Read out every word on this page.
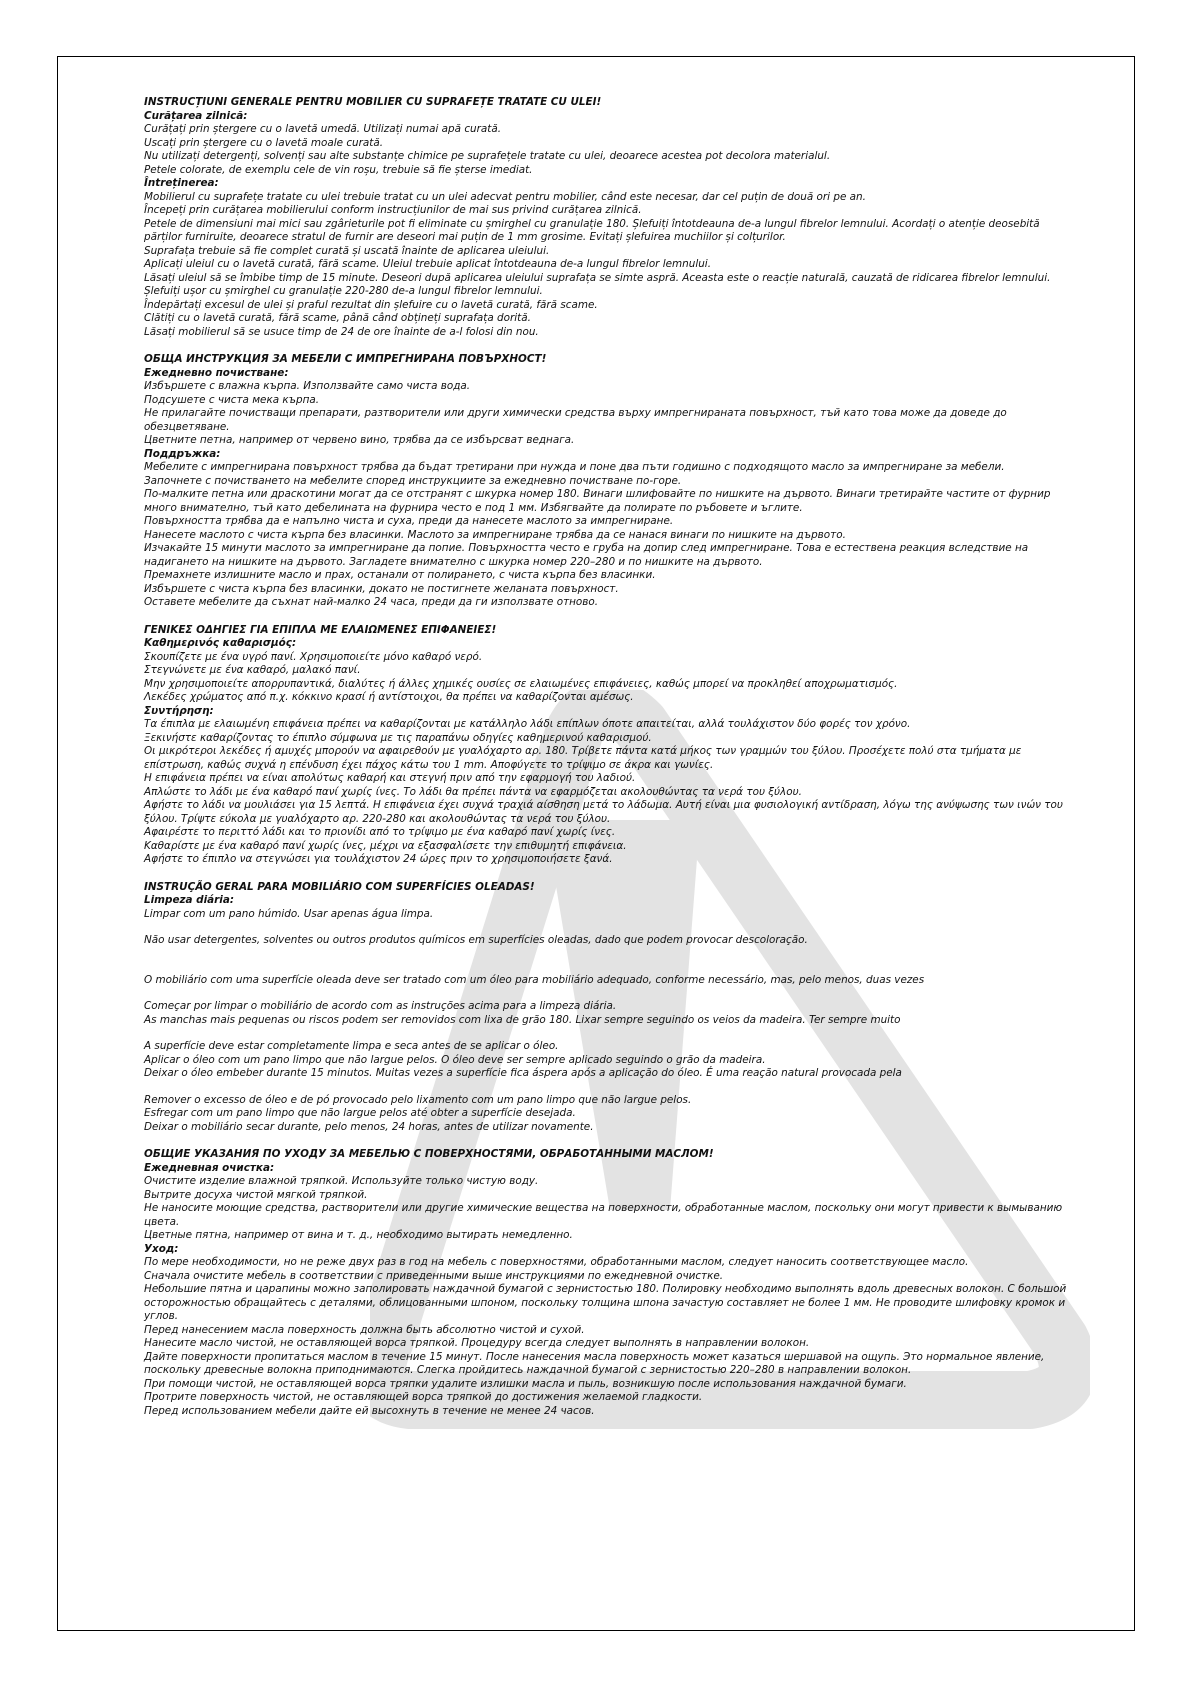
INSTRUCȚIUNI GENERALE PENTRU MOBILIER CU SUPRAFEȚE TRATATE CU ULEI!

Curățarea zilnică:

Curățați prin ștergere cu o lavetă umedă. Utilizați numai apă curată.

Uscați prin ștergere cu o lavetă moale curată.

Nu utilizați detergenți, solvenți sau alte substanțe chimice pe suprafețele tratate cu ulei, deoarece acestea pot decolora materialul.

Petele colorate, de exemplu cele de vin roșu, trebuie să fie șterse imediat.

Întreținerea:

Mobilierul cu suprafețe tratate cu ulei trebuie tratat cu un ulei adecvat pentru mobilier, când este necesar, dar cel puțin de două ori pe an.

Începeți prin curățarea mobilierului conform instrucțiunilor de mai sus privind curățarea zilnică.

Petele de dimensiuni mai mici sau zgârieturile pot fi eliminate cu șmirghel cu granulație 180. Șlefuiți întotdeauna de-a lungul fibrelor lemnului. Acordați o atenție deosebită părților furniruite, deoarece stratul de furnir are deseori mai puțin de 1 mm grosime. Evitați șlefuirea muchiilor și colțurilor.

Suprafața trebuie să fie complet curată și uscată înainte de aplicarea uleiului.

Aplicați uleiul cu o lavetă curată, fără scame. Uleiul trebuie aplicat întotdeauna de-a lungul fibrelor lemnului.

Lăsați uleiul să se îmbibe timp de 15 minute. Deseori după aplicarea uleiului suprafața se simte aspră. Aceasta este o reacție naturală, cauzată de ridicarea fibrelor lemnului. Șlefuiți ușor cu șmirghel cu granulație 220-280 de-a lungul fibrelor lemnului.

Îndepărtați excesul de ulei și praful rezultat din șlefuire cu o lavetă curată, fără scame.

Clătiți cu o lavetă curată, fără scame, până când obțineți suprafața dorită.

Lăsați mobilierul să se usuce timp de 24 de ore înainte de a-l folosi din nou.

ОБЩА ИНСТРУКЦИЯ ЗА МЕБЕЛИ С ИМПРЕГНИРАНА ПОВЪРХНОСТ!

Ежедневно почистване:

Избършете с влажна кърпа. Използвайте само чиста вода.

Подсушете с чиста мека кърпа.

Не прилагайте почистващи препарати, разтворители или други химически средства върху импрегнираната повърхност, тъй като това може да доведе до обезцветяване.

Цветните петна, например от червено вино, трябва да се избърсват веднага.

Поддръжка:

Мебелите с импрегнирана повърхност трябва да бъдат третирани при нужда и поне два пъти годишно с подходящото масло за импрегниране за мебели.

Започнете с почистването на мебелите според инструкциите за ежедневно почистване по-горе.

По-малките петна или драскотини могат да се отстранят с шкурка номер 180. Винаги шлифовайте по нишките на дървото. Винаги третирайте частите от фурнир много внимателно, тъй като дебелината на фурнира често е под 1 мм. Избягвайте да полирате по ръбовете и ъглите.

Повърхността трябва да е напълно чиста и суха, преди да нанесете маслото за импрегниране.

Нанесете маслото с чиста кърпа без власинки. Маслото за импрегниране трябва да се нанася винаги по нишките на дървото.

Изчакайте 15 минути маслото за импрегниране да попие. Повърхността често е груба на допир след импрегниране. Това е естествена реакция вследствие на надигането на нишките на дървото. Загладете внимателно с шкурка номер 220–280 и по нишките на дървото.

Премахнете излишните масло и прах, останали от полирането, с чиста кърпа без власинки.

Избършете с чиста кърпа без власинки, докато не постигнете желаната повърхност.

Оставете мебелите да съхнат най-малко 24 часа, преди да ги използвате отново.

ΓΕΝΙΚΕΣ ΟΔΗΓΙΕΣ ΓΙΑ ΕΠΙΠΛΑ ΜΕ ΕΛΑΙΩΜΕΝΕΣ ΕΠΙΦΑΝΕΙΕΣ!

Καθημερινός καθαρισμός:

Σκουπίζετε με ένα υγρό πανί. Χρησιμοποιείτε μόνο καθαρό νερό.

Στεγνώνετε με ένα καθαρό, μαλακό πανί.

Μην χρησιμοποιείτε απορρυπαντικά, διαλύτες ή άλλες χημικές ουσίες σε ελαιωμένες επιφάνειες, καθώς μπορεί να προκληθεί αποχρωματισμός.

Λεκέδες χρώματος από π.χ. κόκκινο κρασί ή αντίστοιχοι, θα πρέπει να καθαρίζονται αμέσως.

Συντήρηση:

Τα έπιπλα με ελαιωμένη επιφάνεια πρέπει να καθαρίζονται με κατάλληλο λάδι επίπλων όποτε απαιτείται, αλλά τουλάχιστον δύο φορές τον χρόνο.

Ξεκινήστε καθαρίζοντας το έπιπλο σύμφωνα με τις παραπάνω οδηγίες καθημερινού καθαρισμού.

Οι μικρότεροι λεκέδες ή αμυχές μπορούν να αφαιρεθούν με γυαλόχαρτο αρ. 180. Τρίβετε πάντα κατά μήκος των γραμμών του ξύλου. Προσέχετε πολύ στα τμήματα με επίστρωση, καθώς συχνά η επένδυση έχει πάχος κάτω του 1 mm. Αποφύγετε το τρίψιμο σε άκρα και γωνίες.

Η επιφάνεια πρέπει να είναι απολύτως καθαρή και στεγνή πριν από την εφαρμογή του λαδιού.

Απλώστε το λάδι με ένα καθαρό πανί χωρίς ίνες. Το λάδι θα πρέπει πάντα να εφαρμόζεται ακολουθώντας τα νερά του ξύλου.

Αφήστε το λάδι να μουλιάσει για 15 λεπτά. Η επιφάνεια έχει συχνά τραχιά αίσθηση μετά το λάδωμα. Αυτή είναι μια φυσιολογική αντίδραση, λόγω της ανύψωσης των ινών του ξύλου. Τρίψτε εύκολα με γυαλόχαρτο αρ. 220-280 και ακολουθώντας τα νερά του ξύλου.

Αφαιρέστε το περιττό λάδι και το πριονίδι από το τρίψιμο με ένα καθαρό πανί χωρίς ίνες.

Καθαρίστε με ένα καθαρό πανί χωρίς ίνες, μέχρι να εξασφαλίσετε την επιθυμητή επιφάνεια.

Αφήστε το έπιπλο να στεγνώσει για τουλάχιστον 24 ώρες πριν το χρησιμοποιήσετε ξανά.

INSTRUÇÃO GERAL PARA MOBILIÁRIO COM SUPERFÍCIES OLEADAS!

Limpeza diária:

Limpar com um pano húmido. Usar apenas água limpa.

Não usar detergentes, solventes ou outros produtos químicos em superfícies oleadas, dado que podem provocar descoloração.

O mobiliário com uma superfície oleada deve ser tratado com um óleo para mobiliário adequado, conforme necessário, mas, pelo menos, duas vezes

Começar por limpar o mobiliário de acordo com as instruções acima para a limpeza diária.

As manchas mais pequenas ou riscos podem ser removidos com lixa de grão 180. Lixar sempre seguindo os veios da madeira. Ter sempre muito

A superfície deve estar completamente limpa e seca antes de se aplicar o óleo.

Aplicar o óleo com um pano limpo que não largue pelos. O óleo deve ser sempre aplicado seguindo o grão da madeira.

Deixar o óleo embeber durante 15 minutos. Muitas vezes a superfície fica áspera após a aplicação do óleo. É uma reação natural provocada pela

Remover o excesso de óleo e de pó provocado pelo lixamento com um pano limpo que não largue pelos.

Esfregar com um pano limpo que não largue pelos até obter a superfície desejada.

Deixar o mobiliário secar durante, pelo menos, 24 horas, antes de utilizar novamente.

ОБЩИЕ УКАЗАНИЯ ПО УХОДУ ЗА МЕБЕЛЬЮ С ПОВЕРХНОСТЯМИ, ОБРАБОТАННЫМИ МАСЛОМ!

Ежедневная очистка:

Очистите изделие влажной тряпкой. Используйте только чистую воду.

Вытрите досуха чистой мягкой тряпкой.

Не наносите моющие средства, растворители или другие химические вещества на поверхности, обработанные маслом, поскольку они могут привести к вымыванию цвета.

Цветные пятна, например от вина и т. д., необходимо вытирать немедленно.

Уход:

По мере необходимости, но не реже двух раз в год на мебель с поверхностями, обработанными маслом, следует наносить соответствующее масло.

Сначала очистите мебель в соответствии с приведенными выше инструкциями по ежедневной очистке.

Небольшие пятна и царапины можно заполировать наждачной бумагой с зернистостью 180. Полировку необходимо выполнять вдоль древесных волокон. С большой осторожностью обращайтесь с деталями, облицованными шпоном, поскольку толщина шпона зачастую составляет не более 1 мм. Не проводите шлифовку кромок и углов.

Перед нанесением масла поверхность должна быть абсолютно чистой и сухой.

Нанесите масло чистой, не оставляющей ворса тряпкой. Процедуру всегда следует выполнять в направлении волокон.

Дайте поверхности пропитаться маслом в течение 15 минут. После нанесения масла поверхность может казаться шершавой на ощупь. Это нормальное явление, поскольку древесные волокна приподнимаются. Слегка пройдитесь наждачной бумагой с зернистостью 220–280 в направлении волокон.

При помощи чистой, не оставляющей ворса тряпки удалите излишки масла и пыль, возникшую после использования наждачной бумаги.

Протрите поверхность чистой, не оставляющей ворса тряпкой до достижения желаемой гладкости.

Перед использованием мебели дайте ей высохнуть в течение не менее 24 часов.
